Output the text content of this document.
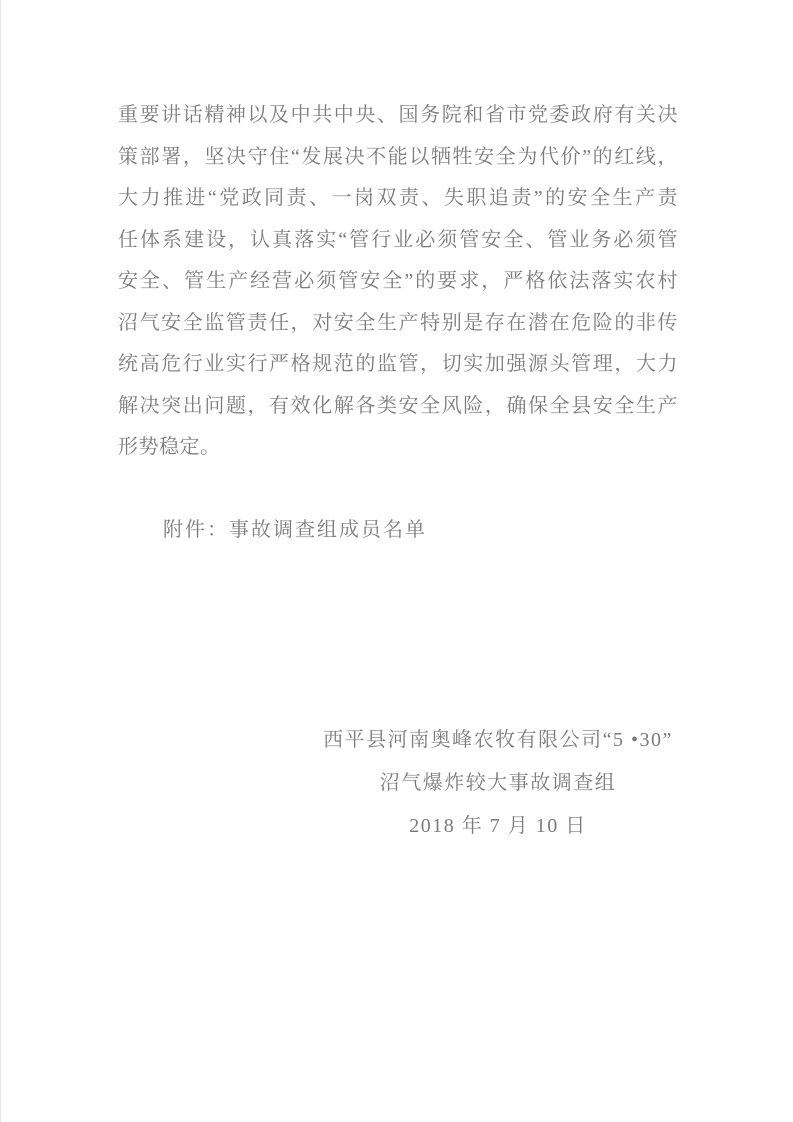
重要讲话精神以及中共中央、国务院和省市党委政府有关决
策部署，坚决守住“发展决不能以牺牲安全为代价”的红线，
大力推进“党政同责、一岗双责、失职追责”的安全生产责
任体系建设，认真落实“管行业必须管安全、管业务必须管
安全、管生产经营必须管安全”的要求，严格依法落实农村
沼气安全监管责任，对安全生产特别是存在潜在危险的非传
统高危行业实行严格规范的监管，切实加强源头管理，大力
解决突出问题，有效化解各类安全风险，确保全县安全生产
形势稳定。
附件：事故调查组成员名单
西平县河南奥峰农牧有限公司“5 •30”
沼气爆炸较大事故调查组
2018 年 7 月 10 日
